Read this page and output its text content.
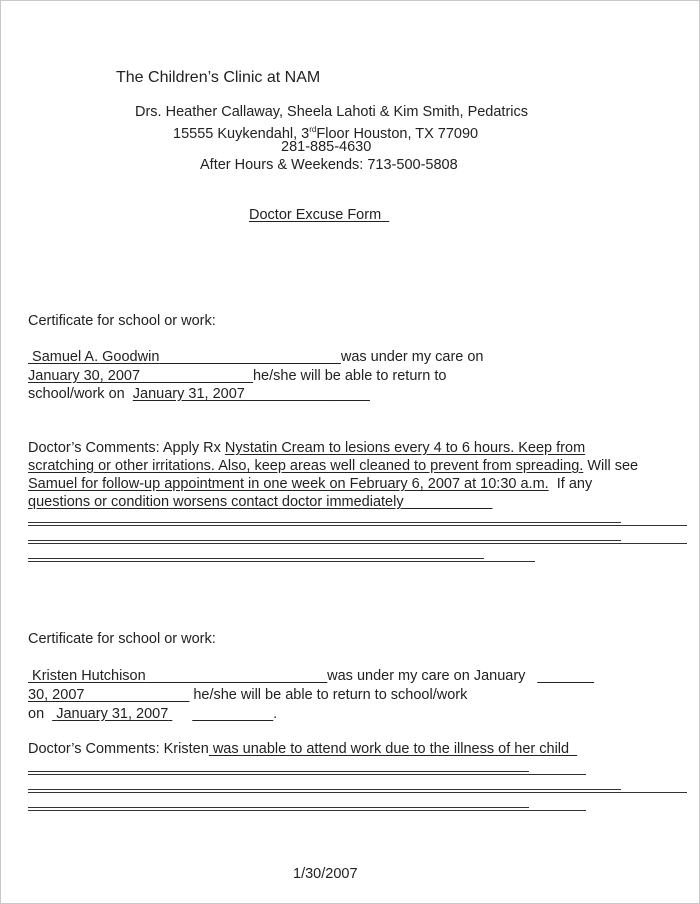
The Children’s Clinic at NAM
Drs. Heather Callaway, Sheela Lahoti & Kim Smith, Pedatrics
15555 Kuykendahl, 3rdFloor Houston, TX 77090
281-885-4630
After Hours & Weekends: 713-500-5808
Doctor Excuse Form
Certificate for school or work:
Samuel A. Goodwin ______________________was under my care on
January 30, 2007______________he/she will be able to return to
school/work on January 31, 2007___________ ____
Doctor’s Comments: Apply Rx Nystatin Cream to lesions every 4 to 6 hours. Keep from
scratching or other irritations. Also, keep areas well cleaned to prevent from spreading. Will see
Samuel for follow-up appointment in one week on February 6, 2007 at 10:30 a.m. If any
questions or condition worsens contact doctor immediately___________
Certificate for school or work:
Kristen Hutchison ______________________was under my care on January _______
30, 2007_____________ he/she will be able to return to school/work
on January 31, 2007 __________.
Doctor’s Comments: Kristen was unable to attend work due to the illness of her child
1/30/2007
